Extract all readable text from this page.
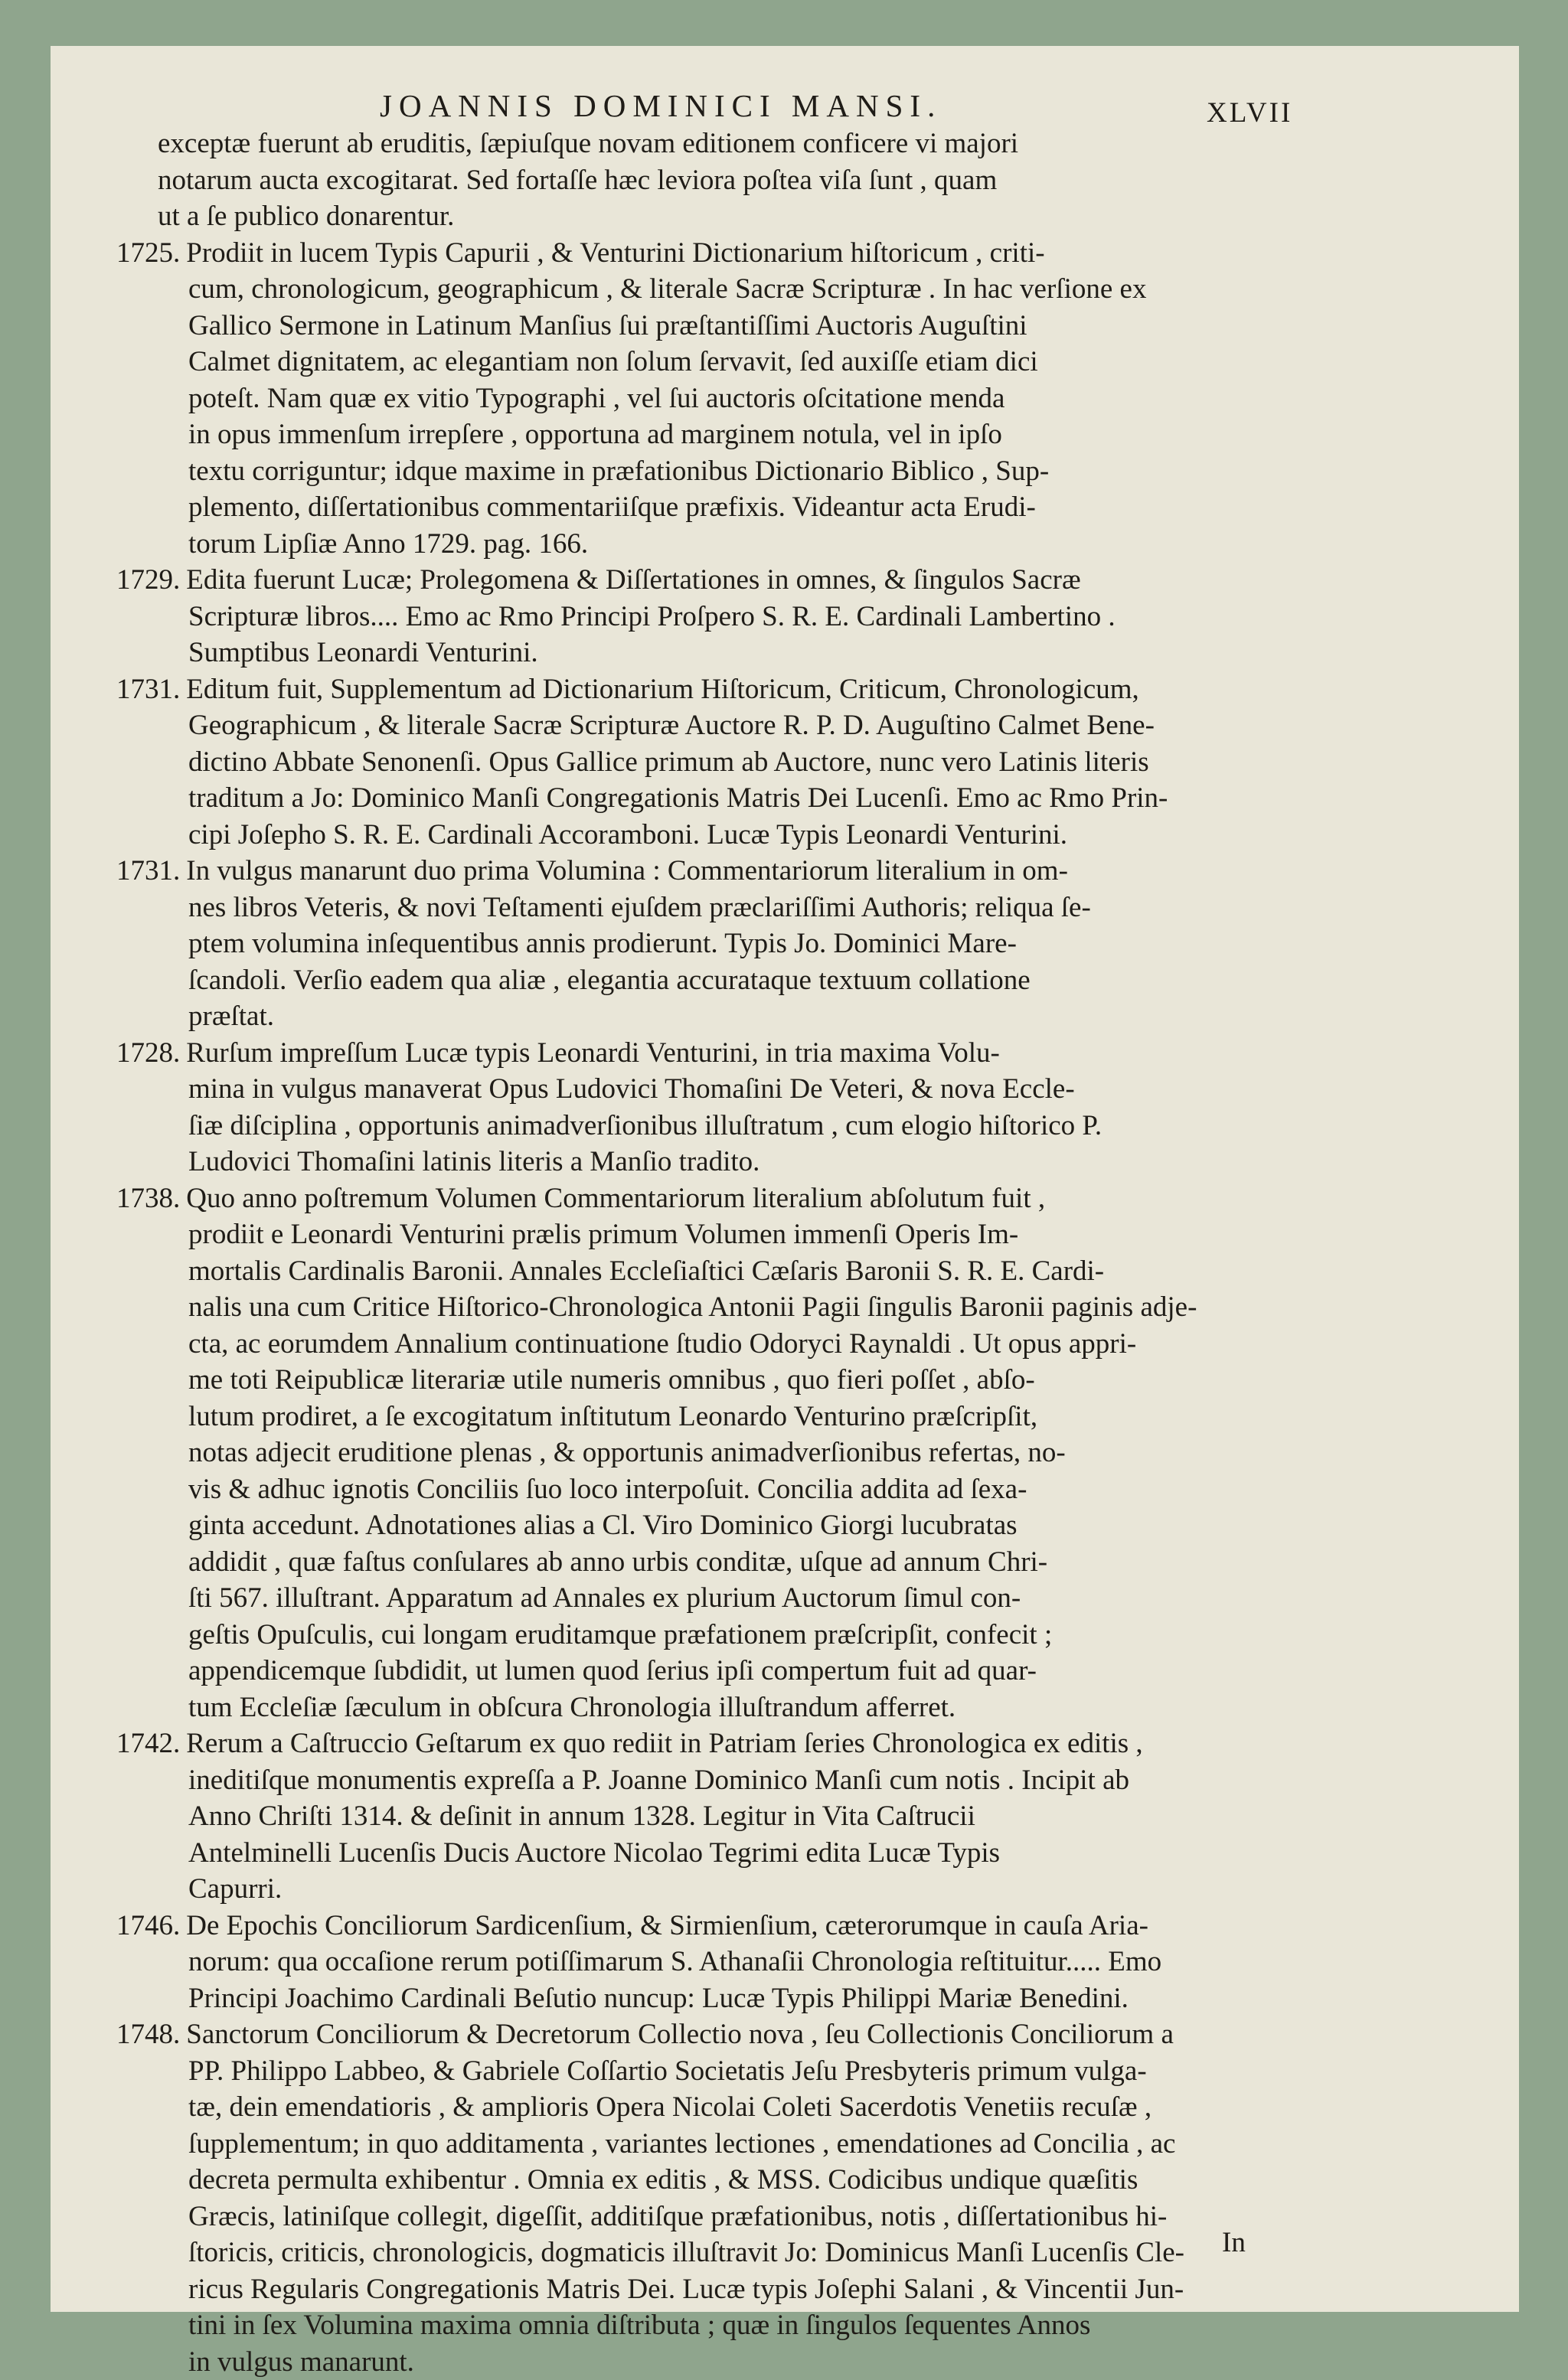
JOANNIS DOMINICI MANSI.	XLVII
exceptæ fuerunt ab eruditis, ſæpiuſque novam editionem conficere vi majori
notarum aucta excogitarat. Sed fortaſſe hæc leviora poſtea viſa ſunt , quam
ut a ſe publico donarentur.
1725. Prodiit in lucem Typis Capurii , & Venturini Dictionarium hiſtoricum , criti-
cum, chronologicum, geographicum , & literale Sacræ Scripturæ . In hac verſione ex
Gallico Sermone in Latinum Manſius ſui præſtantiſſimi Auctoris Auguſtini
Calmet dignitatem, ac elegantiam non ſolum ſervavit, ſed auxiſſe etiam dici
poteſt. Nam quæ ex vitio Typographi , vel ſui auctoris oſcitatione menda
in opus immenſum irrepſere , opportuna ad marginem notula, vel in ipſo
textu corriguntur; idque maxime in præfationibus Dictionario Biblico , Sup-
plemento, diſſertationibus commentariiſque præfixis. Videantur acta Erudi-
torum Lipſiæ Anno 1729. pag. 166.
1729. Edita fuerunt Lucæ; Prolegomena & Diſſertationes in omnes, & ſingulos Sacræ
Scripturæ libros.... Emo ac Rmo Principi Proſpero S. R. E. Cardinali Lambertino .
Sumptibus Leonardi Venturini.
1731. Editum fuit, Supplementum ad Dictionarium Hiſtoricum, Criticum, Chronologicum,
Geographicum , & literale Sacræ Scripturæ Auctore R. P. D. Auguſtino Calmet Bene-
dictino Abbate Senonenſi. Opus Gallice primum ab Auctore, nunc vero Latinis literis
traditum a Jo: Dominico Manſi Congregationis Matris Dei Lucenſi. Emo ac Rmo Prin-
cipi Joſepho S. R. E. Cardinali Accoramboni. Lucæ Typis Leonardi Venturini.
1731. In vulgus manarunt duo prima Volumina : Commentariorum literalium in om-
nes libros Veteris, & novi Teſtamenti ejuſdem præclariſſimi Authoris; reliqua ſe-
ptem volumina inſequentibus annis prodierunt. Typis Jo. Dominici Mare-
ſcandoli. Verſio eadem qua aliæ , elegantia accurataque textuum collatione
præſtat.
1728. Rurſum impreſſum Lucæ typis Leonardi Venturini, in tria maxima Volu-
mina in vulgus manaverat Opus Ludovici Thomaſini De Veteri, & nova Eccle-
ſiæ diſciplina , opportunis animadverſionibus illuſtratum , cum elogio hiſtorico P.
Ludovici Thomaſini latinis literis a Manſio tradito.
1738. Quo anno poſtremum Volumen Commentariorum literalium abſolutum fuit ,
prodiit e Leonardi Venturini prælis primum Volumen immenſi Operis Im-
mortalis Cardinalis Baronii. Annales Eccleſiaſtici Cæſaris Baronii S. R. E. Cardi-
nalis una cum Critice Hiſtorico-Chronologica Antonii Pagii ſingulis Baronii paginis adje-
cta, ac eorumdem Annalium continuatione ſtudio Odoryci Raynaldi . Ut opus appri-
me toti Reipublicæ literariæ utile numeris omnibus , quo fieri poſſet , abſo-
lutum prodiret, a ſe excogitatum inſtitutum Leonardo Venturino præſcripſit,
notas adjecit eruditione plenas , & opportunis animadverſionibus refertas, no-
vis & adhuc ignotis Conciliis ſuo loco interpoſuit. Concilia addita ad ſexa-
ginta accedunt. Adnotationes alias a Cl. Viro Dominico Giorgi lucubratas
addidit , quæ faſtus conſulares ab anno urbis conditæ, uſque ad annum Chri-
ſti 567. illuſtrant. Apparatum ad Annales ex plurium Auctorum ſimul con-
geſtis Opuſculis, cui longam eruditamque præfationem præſcripſit, confecit ;
appendicemque ſubdidit, ut lumen quod ſerius ipſi compertum fuit ad quar-
tum Eccleſiæ ſæculum in obſcura Chronologia illuſtrandum afferret.
1742. Rerum a Caſtruccio Geſtarum ex quo rediit in Patriam ſeries Chronologica ex editis ,
ineditiſque monumentis expreſſa a P. Joanne Dominico Manſi cum notis . Incipit ab
Anno Chriſti 1314. & deſinit in annum 1328. Legitur in Vita Caſtrucii
Antelminelli Lucenſis Ducis Auctore Nicolao Tegrimi edita Lucæ Typis
Capurri.
1746. De Epochis Conciliorum Sardicenſium, & Sirmienſium, cæterorumque in cauſa Aria-
norum: qua occaſione rerum potiſſimarum S. Athanaſii Chronologia reſtituitur..... Emo
Principi Joachimo Cardinali Beſutio nuncup: Lucæ Typis Philippi Mariæ Benedini.
1748. Sanctorum Conciliorum & Decretorum Collectio nova , ſeu Collectionis Conciliorum a
PP. Philippo Labbeo, & Gabriele Coſſartio Societatis Jeſu Presbyteris primum vulga-
tæ, dein emendatioris , & amplioris Opera Nicolai Coleti Sacerdotis Venetiis recuſæ ,
ſupplementum; in quo additamenta , variantes lectiones , emendationes ad Concilia , ac
decreta permulta exhibentur . Omnia ex editis , & MSS. Codicibus undique quæſitis
Græcis, latiniſque collegit, digeſſit, additiſque præfationibus, notis , diſſertationibus hi-
ſtoricis, criticis, chronologicis, dogmaticis illuſtravit Jo: Dominicus Manſi Lucenſis Cle-
ricus Regularis Congregationis Matris Dei. Lucæ typis Joſephi Salani , & Vincentii Jun-
tini in ſex Volumina maxima omnia diſtributa ; quæ in ſingulos ſequentes Annos
in vulgus manarunt.
In
